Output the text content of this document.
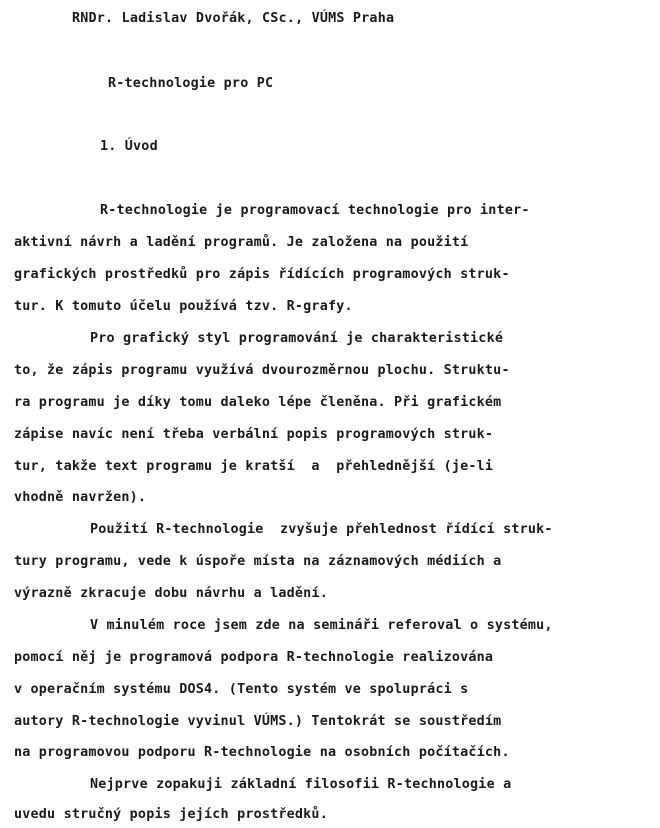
RNDr. Ladislav Dvořák, CSc., VÚMS Praha
R-technologie pro PC
1. Úvod
R-technologie je programovací technologie pro inter-
aktivní návrh a ladění programů. Je založena na použití
grafických prostředků pro zápis řídících programových struk-
tur. K tomuto účelu používá tzv. R-grafy.
Pro grafický styl programování je charakteristické
to, že zápis programu využívá dvourozměrnou plochu. Struktu-
ra programu je díky tomu daleko lépe členěna. Při grafickém
zápise navíc není třeba verbální popis programových struk-
tur, takže text programu je kratší  a  přehlednější (je-li
vhodně navržen).
Použití R-technologie  zvyšuje přehlednost řídící struk-
tury programu, vede k úspoře místa na záznamových médiích a
výrazně zkracuje dobu návrhu a ladění.
V minulém roce jsem zde na semináři referoval o systému,
pomocí něj je programová podpora R-technologie realizována
v operačním systému DOS4. (Tento systém ve spolupráci s
autory R-technologie vyvinul VÚMS.) Tentokrát se soustředím
na programovou podporu R-technologie na osobních počítačích.
Nejprve zopakuji základní filosofii R-technologie a
uvedu stručný popis jejích prostředků.
